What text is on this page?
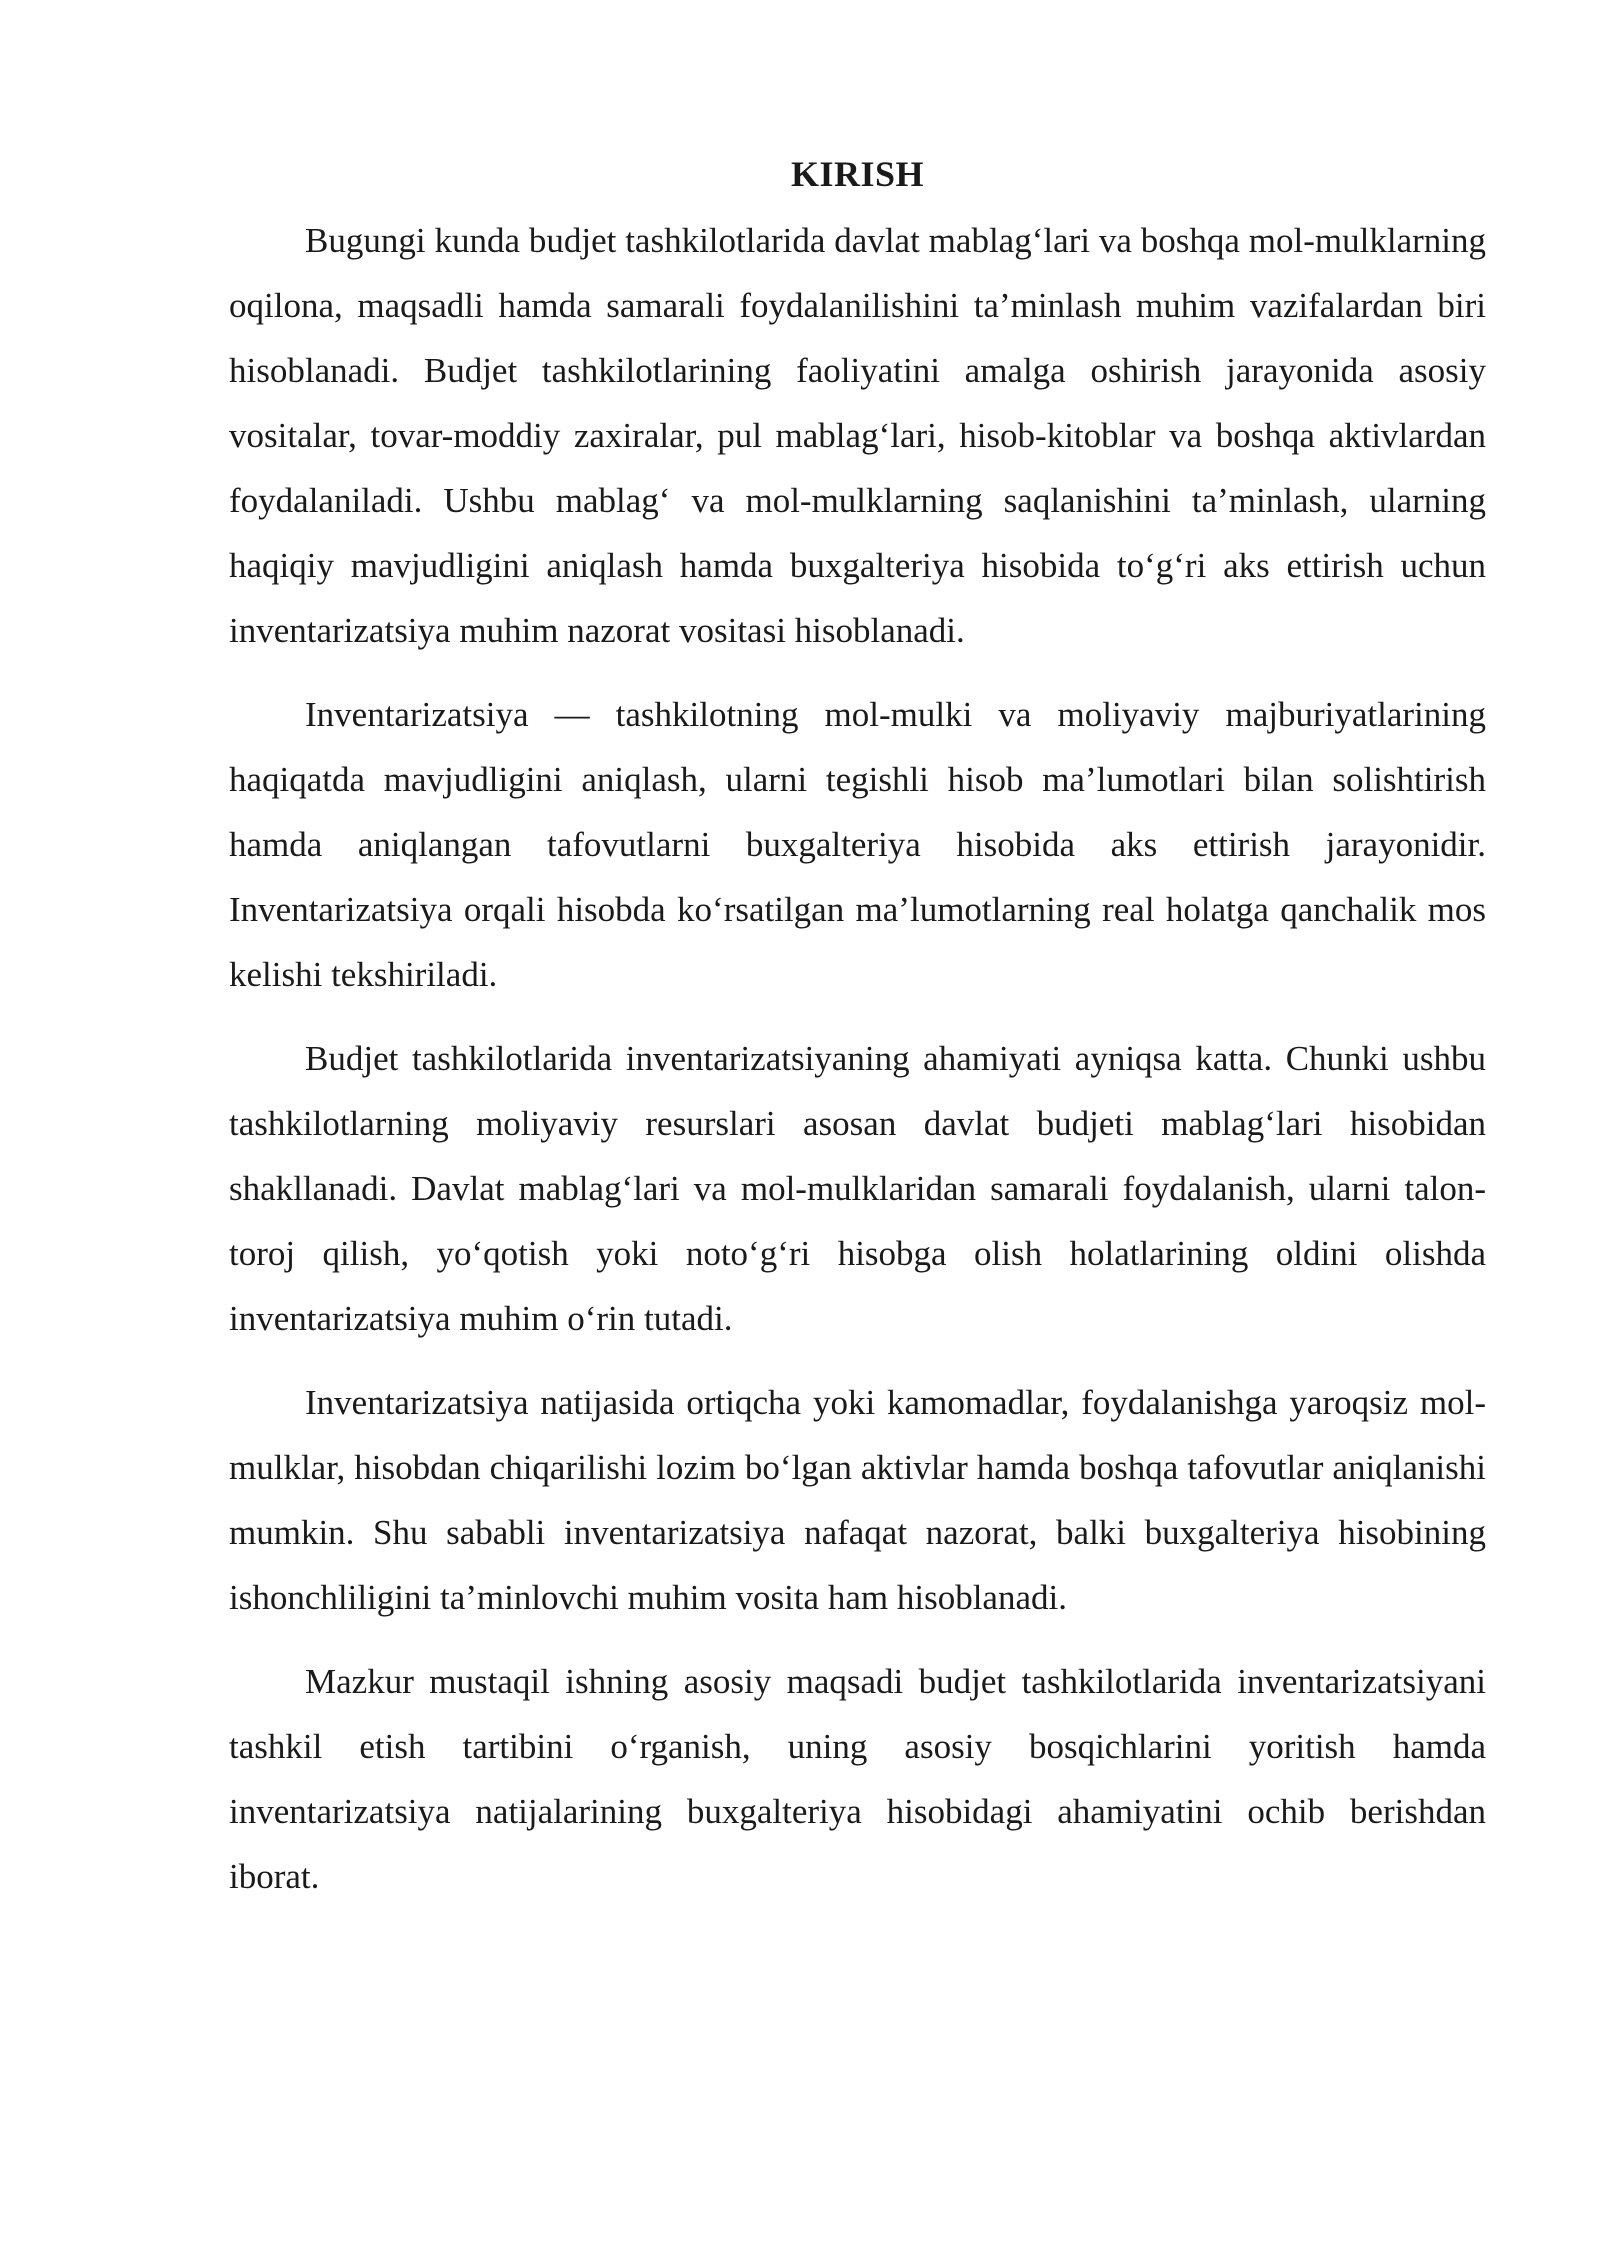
KIRISH

Bugungi kunda budjet tashkilotlarida davlat mablag‘lari va boshqa mol-mulklarning oqilona, maqsadli hamda samarali foydalanilishini ta’minlash muhim vazifalardan biri hisoblanadi. Budjet tashkilotlarining faoliyatini amalga oshirish jarayonida asosiy vositalar, tovar-moddiy zaxiralar, pul mablag‘lari, hisob-kitoblar va boshqa aktivlardan foydalaniladi. Ushbu mablag‘ va mol-mulklarning saqlanishini ta’minlash, ularning haqiqiy mavjudligini aniqlash hamda buxgalteriya hisobida to‘g‘ri aks ettirish uchun inventarizatsiya muhim nazorat vositasi hisoblanadi.

Inventarizatsiya — tashkilotning mol-mulki va moliyaviy majburiyatlarining haqiqatda mavjudligini aniqlash, ularni tegishli hisob ma’lumotlari bilan solishtirish hamda aniqlangan tafovutlarni buxgalteriya hisobida aks ettirish jarayonidir. Inventarizatsiya orqali hisobda ko‘rsatilgan ma’lumotlarning real holatga qanchalik mos kelishi tekshiriladi.

Budjet tashkilotlarida inventarizatsiyaning ahamiyati ayniqsa katta. Chunki ushbu tashkilotlarning moliyaviy resurslari asosan davlat budjeti mablag‘lari hisobidan shakllanadi. Davlat mablag‘lari va mol-mulklaridan samarali foydalanish, ularni talon-toroj qilish, yo‘qotish yoki noto‘g‘ri hisobga olish holatlarining oldini olishda inventarizatsiya muhim o‘rin tutadi.

Inventarizatsiya natijasida ortiqcha yoki kamomadlar, foydalanishga yaroqsiz mol-mulklar, hisobdan chiqarilishi lozim bo‘lgan aktivlar hamda boshqa tafovutlar aniqlanishi mumkin. Shu sababli inventarizatsiya nafaqat nazorat, balki buxgalteriya hisobining ishonchliligini ta’minlovchi muhim vosita ham hisoblanadi.

Mazkur mustaqil ishning asosiy maqsadi budjet tashkilotlarida inventarizatsiyani tashkil etish tartibini o‘rganish, uning asosiy bosqichlarini yoritish hamda inventarizatsiya natijalarining buxgalteriya hisobidagi ahamiyatini ochib berishdan iborat.
